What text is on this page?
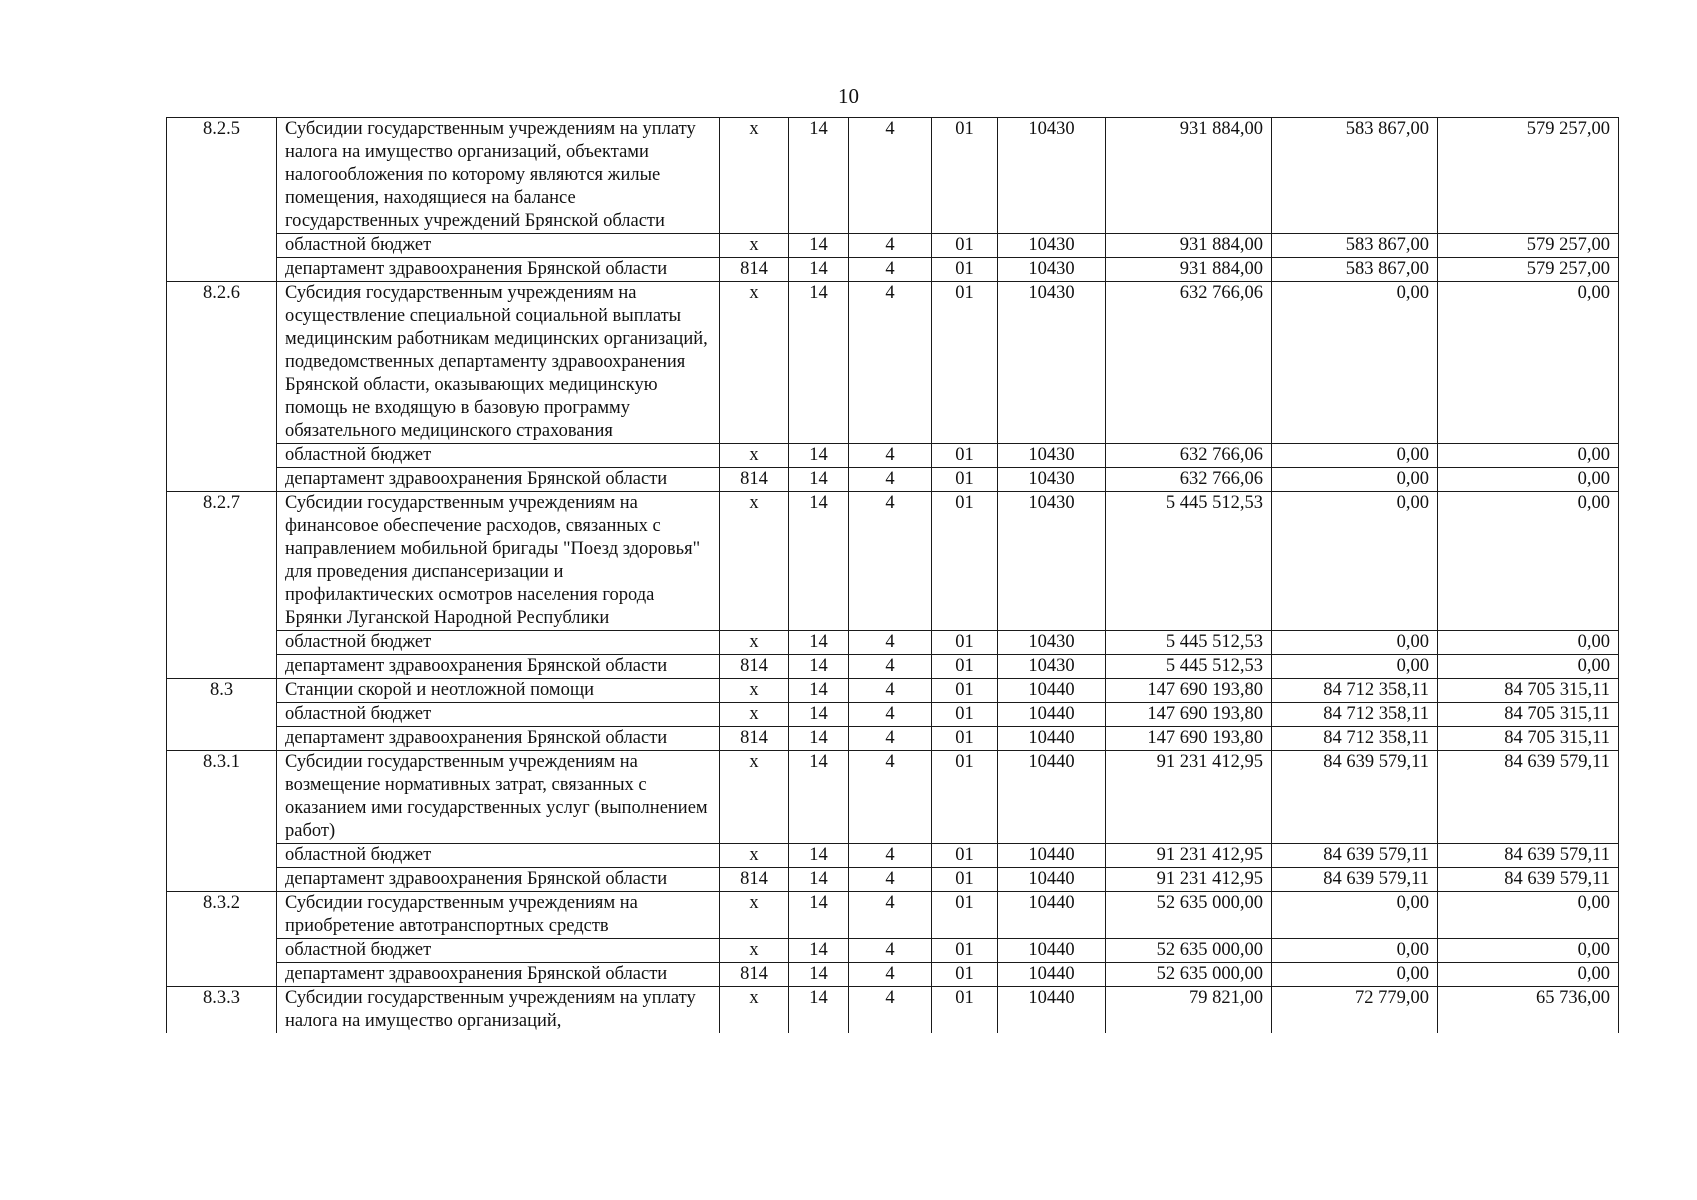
10
8.2.5	Субсидии государственным учреждениям на уплату налога на имущество организаций, объектами налогообложения по которому являются жилые помещения, находящиеся на балансе государственных учреждений Брянской области	х	14	4	01	10430	931 884,00	583 867,00	579 257,00
	областной бюджет	х	14	4	01	10430	931 884,00	583 867,00	579 257,00
	департамент здравоохранения Брянской области	814	14	4	01	10430	931 884,00	583 867,00	579 257,00
8.2.6	Субсидия государственным учреждениям на осуществление специальной социальной выплаты медицинским работникам медицинских организаций, подведомственных департаменту здравоохранения Брянской области, оказывающих медицинскую помощь не входящую в базовую программу обязательного медицинского страхования	х	14	4	01	10430	632 766,06	0,00	0,00
	областной бюджет	х	14	4	01	10430	632 766,06	0,00	0,00
	департамент здравоохранения Брянской области	814	14	4	01	10430	632 766,06	0,00	0,00
8.2.7	Субсидии государственным учреждениям на финансовое обеспечение расходов, связанных с направлением мобильной бригады "Поезд здоровья" для проведения диспансеризации и профилактических осмотров населения города Брянки Луганской Народной Республики	х	14	4	01	10430	5 445 512,53	0,00	0,00
	областной бюджет	х	14	4	01	10430	5 445 512,53	0,00	0,00
	департамент здравоохранения Брянской области	814	14	4	01	10430	5 445 512,53	0,00	0,00
8.3	Станции скорой и неотложной помощи	х	14	4	01	10440	147 690 193,80	84 712 358,11	84 705 315,11
	областной бюджет	х	14	4	01	10440	147 690 193,80	84 712 358,11	84 705 315,11
	департамент здравоохранения Брянской области	814	14	4	01	10440	147 690 193,80	84 712 358,11	84 705 315,11
8.3.1	Субсидии государственным учреждениям на возмещение нормативных затрат, связанных с оказанием ими государственных услуг (выполнением работ)	х	14	4	01	10440	91 231 412,95	84 639 579,11	84 639 579,11
	областной бюджет	х	14	4	01	10440	91 231 412,95	84 639 579,11	84 639 579,11
	департамент здравоохранения Брянской области	814	14	4	01	10440	91 231 412,95	84 639 579,11	84 639 579,11
8.3.2	Субсидии государственным учреждениям на приобретение автотранспортных средств	х	14	4	01	10440	52 635 000,00	0,00	0,00
	областной бюджет	х	14	4	01	10440	52 635 000,00	0,00	0,00
	департамент здравоохранения Брянской области	814	14	4	01	10440	52 635 000,00	0,00	0,00
8.3.3	Субсидии государственным учреждениям на уплату налога на имущество организаций,	х	14	4	01	10440	79 821,00	72 779,00	65 736,00
